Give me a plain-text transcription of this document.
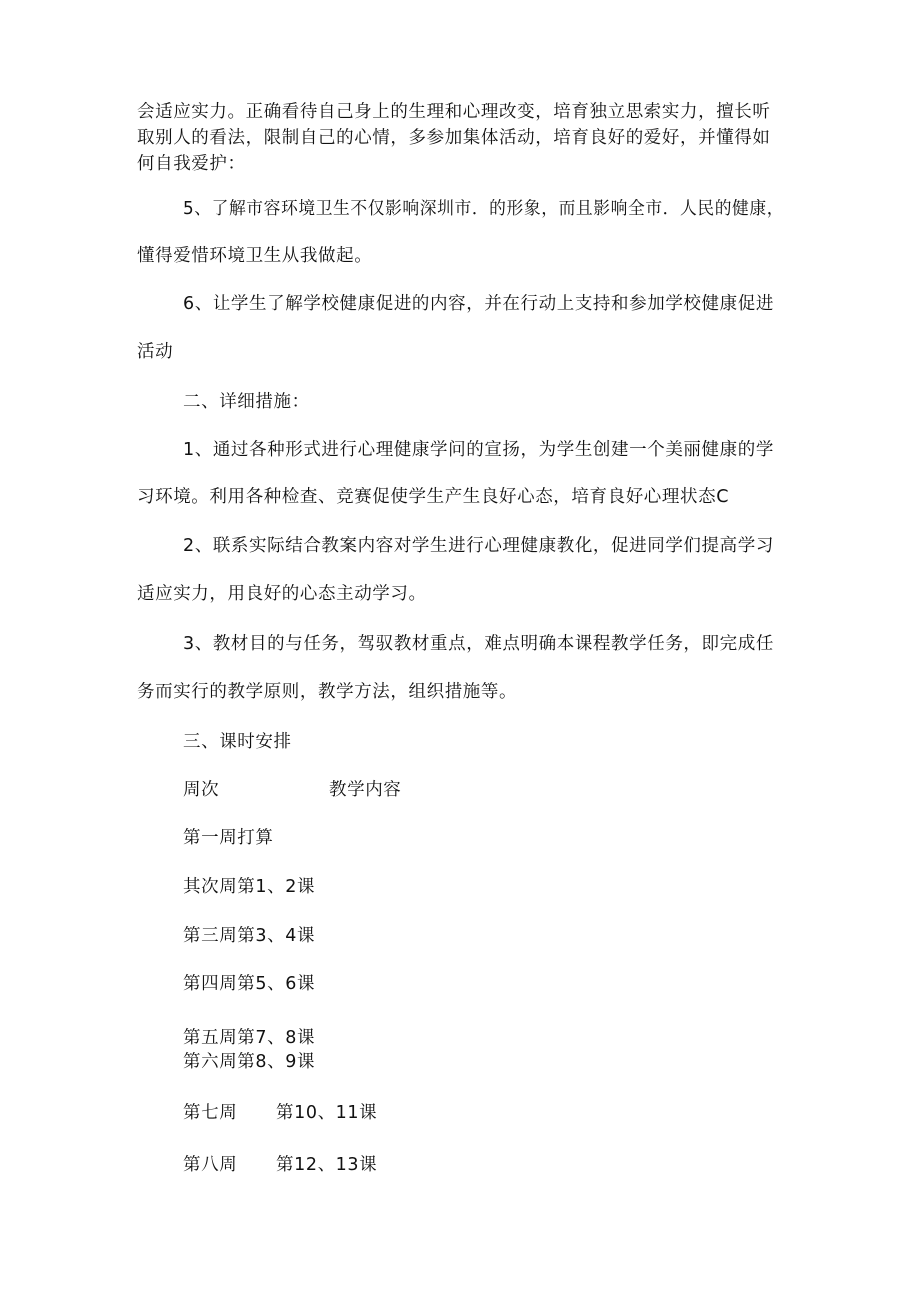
会适应实力。正确看待自己身上的生理和心理改变，培育独立思索实力，擅长听
取别人的看法，限制自己的心情，多参加集体活动，培育良好的爱好，并懂得如
何自我爱护：
5、了解市容环境卫生不仅影响深圳市．的形象，而且影响全市．人民的健康，
懂得爱惜环境卫生从我做起。
6、让学生了解学校健康促进的内容，并在行动上支持和参加学校健康促进
活动
二、详细措施：
1、通过各种形式进行心理健康学问的宣扬，为学生创建一个美丽健康的学
习环境。利用各种检查、竞赛促使学生产生良好心态，培育良好心理状态C
2、联系实际结合教案内容对学生进行心理健康教化，促进同学们提高学习
适应实力，用良好的心态主动学习。
3、教材目的与任务，驾驭教材重点，难点明确本课程教学任务，即完成任
务而实行的教学原则，教学方法，组织措施等。
三、课时安排
周次	教学内容
第一周打算
其次周第1、2课
第三周第3、4课
第四周第5、6课
第五周第7、8课
第六周第8、9课
第七周 第10、11课
第八周 第12、13课
